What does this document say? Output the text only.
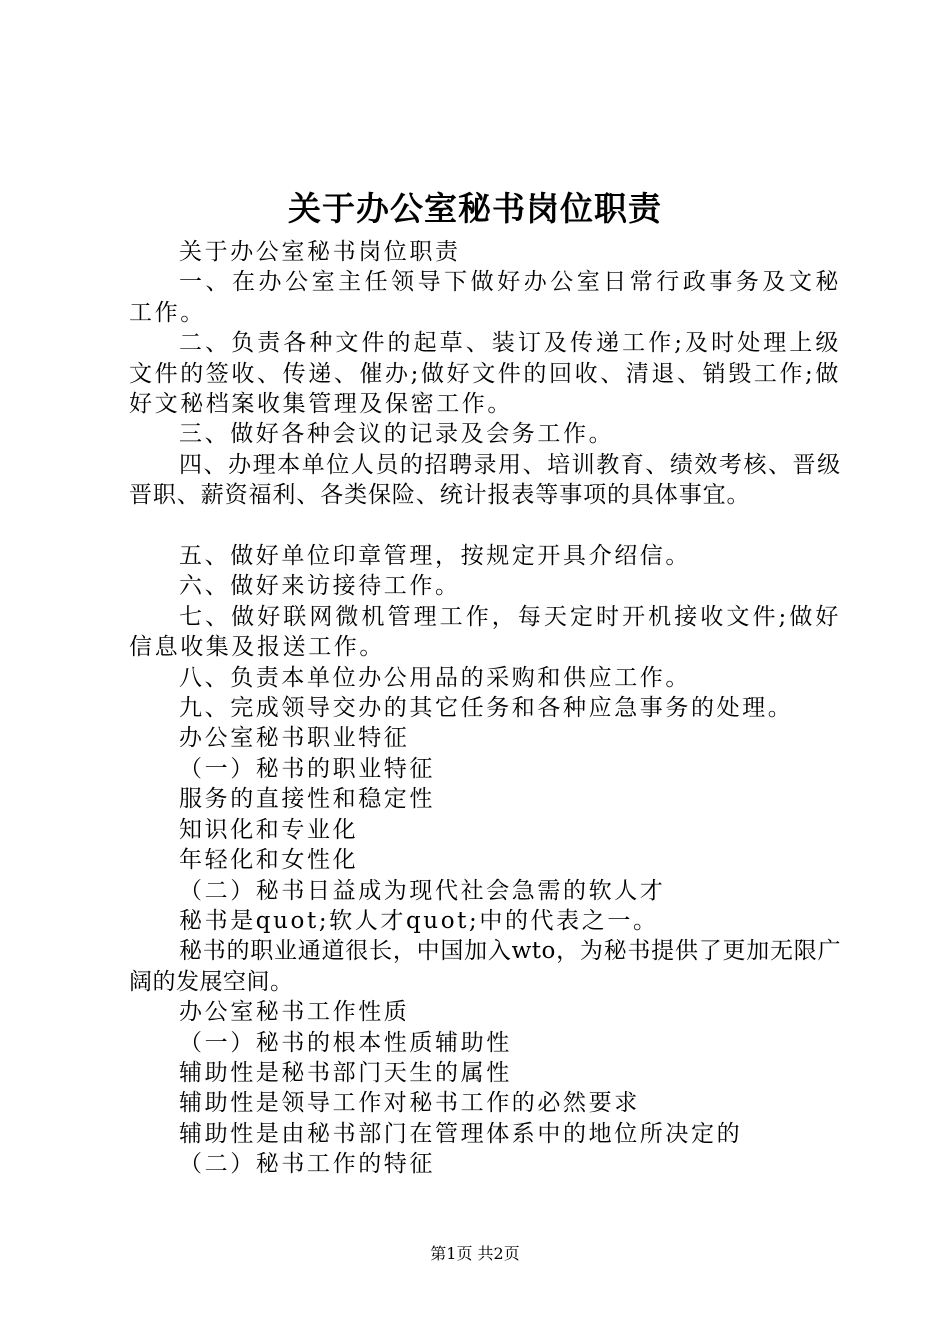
关于办公室秘书岗位职责

关于办公室秘书岗位职责

一、在办公室主任领导下做好办公室日常行政事务及文秘工作。

二、负责各种文件的起草、装订及传递工作;及时处理上级文件的签收、传递、催办;做好文件的回收、清退、销毁工作;做好文秘档案收集管理及保密工作。

三、做好各种会议的记录及会务工作。

四、办理本单位人员的招聘录用、培训教育、绩效考核、晋级晋职、薪资福利、各类保险、统计报表等事项的具体事宜。

五、做好单位印章管理，按规定开具介绍信。

六、做好来访接待工作。

七、做好联网微机管理工作，每天定时开机接收文件;做好信息收集及报送工作。

八、负责本单位办公用品的采购和供应工作。

九、完成领导交办的其它任务和各种应急事务的处理。

办公室秘书职业特征

（一）秘书的职业特征

服务的直接性和稳定性

知识化和专业化

年轻化和女性化

（二）秘书日益成为现代社会急需的软人才

秘书是quot;软人才quot;中的代表之一。

秘书的职业通道很长，中国加入wto，为秘书提供了更加无限广阔的发展空间。

办公室秘书工作性质

（一）秘书的根本性质辅助性

辅助性是秘书部门天生的属性

辅助性是领导工作对秘书工作的必然要求

辅助性是由秘书部门在管理体系中的地位所决定的

（二）秘书工作的特征

第1页 共2页
